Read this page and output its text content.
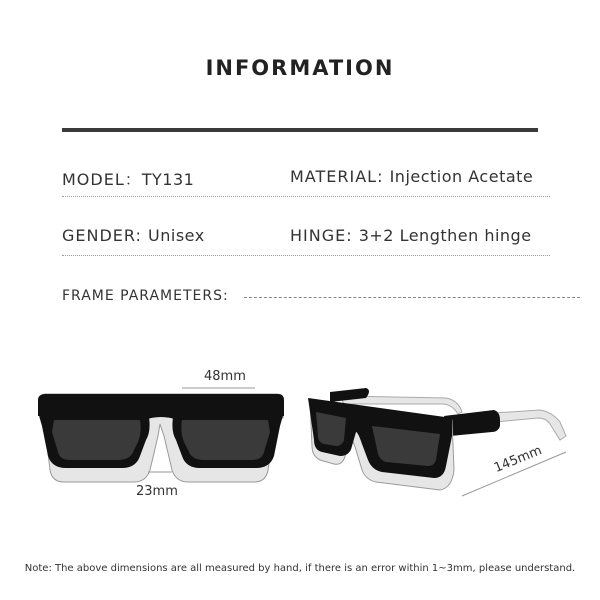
INFORMATION
MODEL：TY131	MATERIAL: Injection Acetate
GENDER: Unisex	HINGE: 3+2 Lengthen hinge
FRAME PARAMETERS:
48mm
23mm
145mm
Note: The above dimensions are all measured by hand, if there is an error within 1~3mm, please understand.
